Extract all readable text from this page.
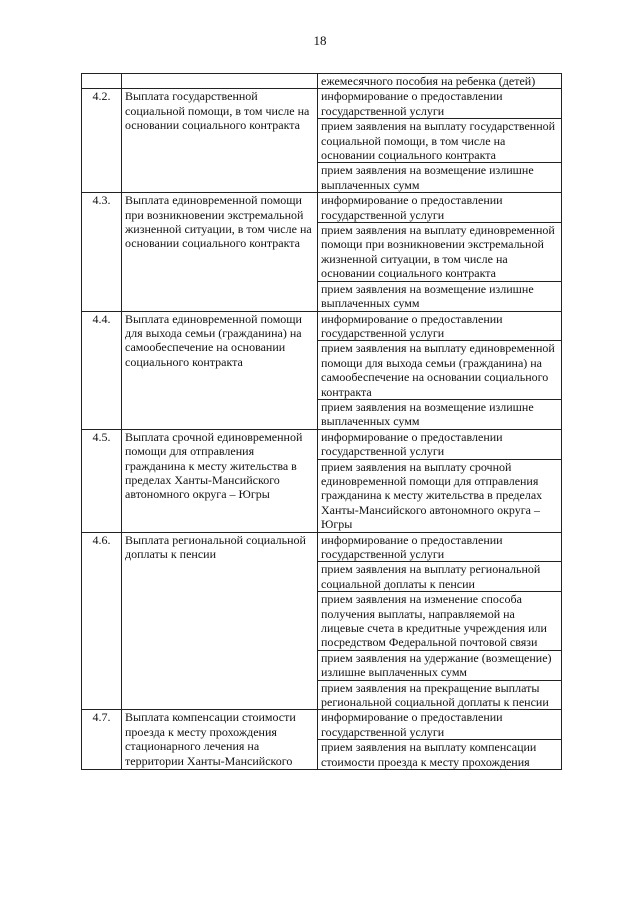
18
		ежемесячного пособия на ребенка (детей)
4.2.	Выплата государственной социальной помощи, в том числе на основании социального контракта	информирование о предоставлении государственной услуги
		прием заявления на выплату государственной социальной помощи, в том числе на основании социального контракта
		прием заявления на возмещение излишне выплаченных сумм
4.3.	Выплата единовременной помощи при возникновении экстремальной жизненной ситуации, в том числе на основании социального контракта	информирование о предоставлении государственной услуги
		прием заявления на выплату единовременной помощи при возникновении экстремальной жизненной ситуации, в том числе на основании социального контракта
		прием заявления на возмещение излишне выплаченных сумм
4.4.	Выплата единовременной помощи для выхода семьи (гражданина) на самообеспечение на основании социального контракта	информирование о предоставлении государственной услуги
		прием заявления на выплату единовременной помощи для выхода семьи (гражданина) на самообеспечение на основании социального контракта
		прием заявления на возмещение излишне выплаченных сумм
4.5.	Выплата срочной единовременной помощи для отправления гражданина к месту жительства в пределах Ханты-Мансийского автономного округа – Югры	информирование о предоставлении государственной услуги
		прием заявления на выплату срочной единовременной помощи для отправления гражданина к месту жительства в пределах Ханты-Мансийского автономного округа – Югры
4.6.	Выплата региональной социальной доплаты к пенсии	информирование о предоставлении государственной услуги
		прием заявления на выплату региональной социальной доплаты к пенсии
		прием заявления на изменение способа получения выплаты, направляемой на лицевые счета в кредитные учреждения или посредством Федеральной почтовой связи
		прием заявления на удержание (возмещение) излишне выплаченных сумм
		прием заявления на прекращение выплаты региональной социальной доплаты к пенсии
4.7.	Выплата компенсации стоимости проезда к месту прохождения стационарного лечения на территории Ханты-Мансийского	информирование о предоставлении государственной услуги
		прием заявления на выплату компенсации стоимости проезда к месту прохождения
